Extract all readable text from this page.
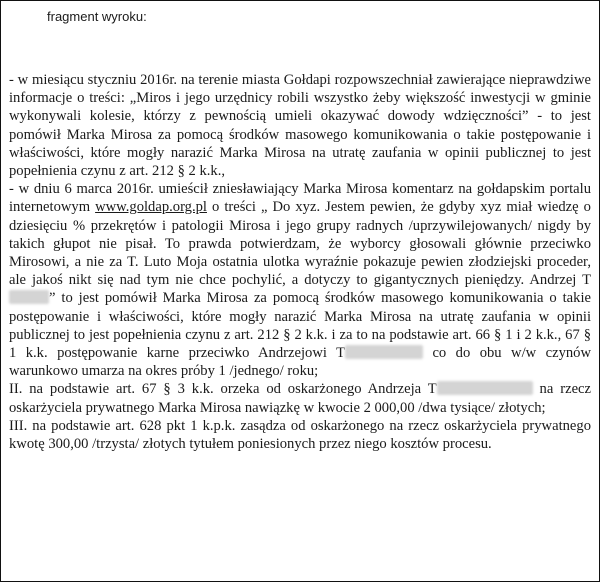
fragment wyroku:

- w miesiącu styczniu 2016r. na terenie miasta Gołdapi rozpowszechniał zawierające nieprawdziwe informacje o treści: „Miros i jego urzędnicy robili wszystko żeby większość inwestycji w gminie wykonywali kolesie, którzy z pewnością umieli okazywać dowody wdzięczności” - to jest pomówił Marka Mirosa za pomocą środków masowego komunikowania o takie postępowanie i właściwości, które mogły narazić Marka Mirosa na utratę zaufania w opinii publicznej to jest popełnienia czynu z art. 212 § 2 k.k.,

- w dniu 6 marca 2016r. umieścił zniesławiający Marka Mirosa komentarz na gołdapskim portalu internetowym www.goldap.org.pl o treści „ Do xyz. Jestem pewien, że gdyby xyz miał wiedzę o dziesięciu % przekrętów i patologii Mirosa i jego grupy radnych /uprzywilejowanych/ nigdy by takich głupot nie pisał. To prawda potwierdzam, że wyborcy głosowali głównie przeciwko Mirosowi, a nie za T. Luto Moja ostatnia ulotka wyraźnie pokazuje pewien złodziejski proceder, ale jakoś nikt się nad tym nie chce pochylić, a dotyczy to gigantycznych pieniędzy. Andrzej T” to jest pomówił Marka Mirosa za pomocą środków masowego komunikowania o takie postępowanie i właściwości, które mogły narazić Marka Mirosa na utratę zaufania w opinii publicznej to jest popełnienia czynu z art. 212 § 2 k.k. i za to na podstawie art. 66 § 1 i 2 k.k., 67 § 1 k.k. postępowanie karne przeciwko Andrzejowi T	co do obu w/w czynów warunkowo umarza na okres próby 1 /jednego/ roku;

II. na podstawie art. 67 § 3 k.k. orzeka od oskarżonego Andrzeja T	na rzecz oskarżyciela prywatnego Marka Mirosa nawiązkę w kwocie 2 000,00 /dwa tysiące/ złotych;

III. na podstawie art. 628 pkt 1 k.p.k. zasądza od oskarżonego na rzecz oskarżyciela prywatnego kwotę 300,00 /trzysta/ złotych tytułem poniesionych przez niego kosztów procesu.
